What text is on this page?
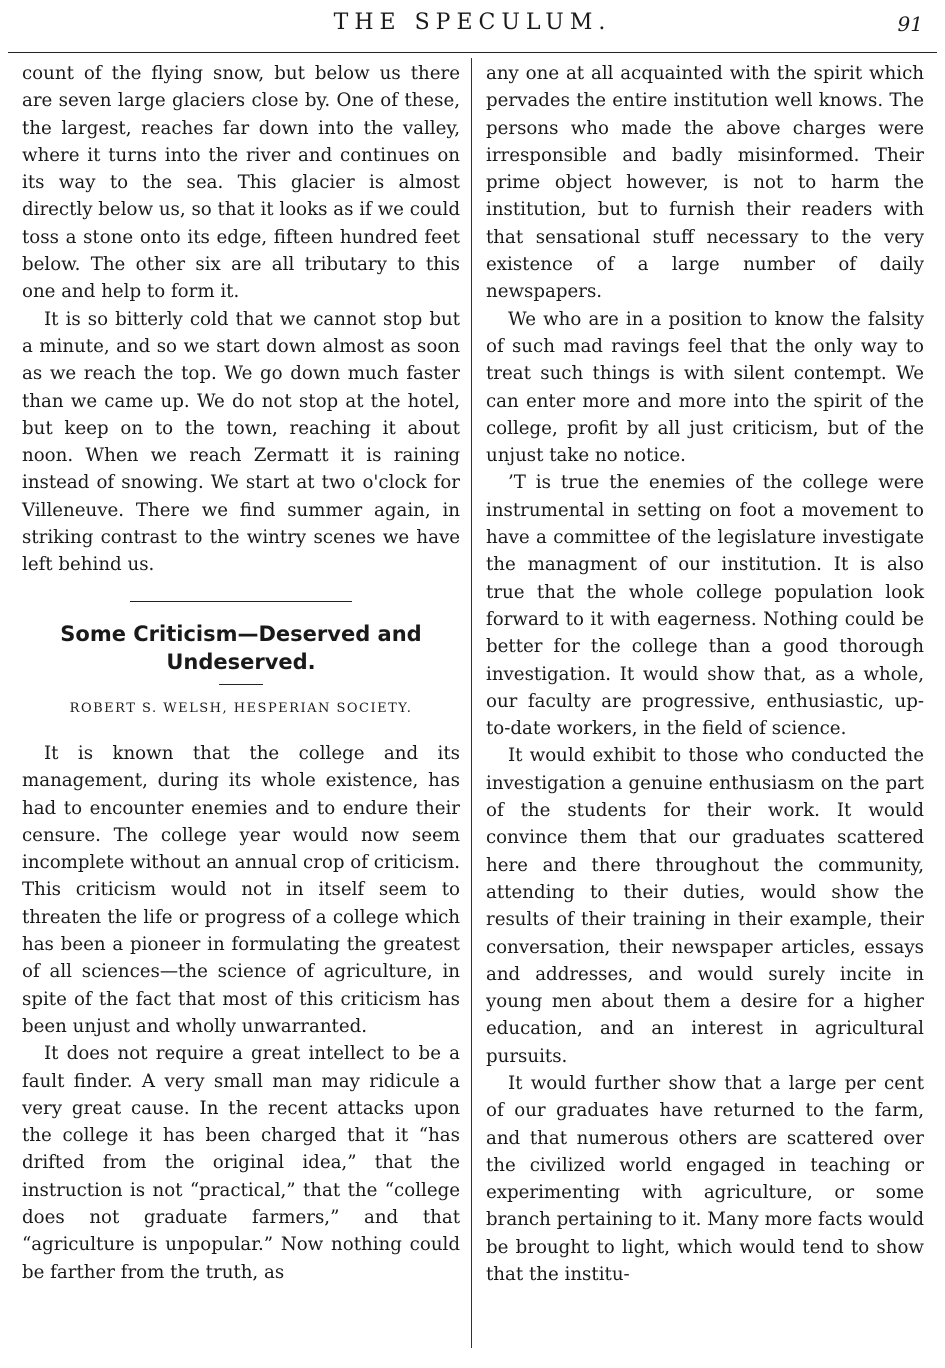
THE SPECULUM.	91

count of the flying snow, but below us there are seven large glaciers close by. One of these, the largest, reaches far down into the valley, where it turns into the river and continues on its way to the sea. This glacier is almost directly below us, so that it looks as if we could toss a stone onto its edge, fifteen hundred feet below. The other six are all tributary to this one and help to form it.

It is so bitterly cold that we cannot stop but a minute, and so we start down almost as soon as we reach the top. We go down much faster than we came up. We do not stop at the hotel, but keep on to the town, reaching it about noon. When we reach Zermatt it is raining instead of snowing. We start at two o'clock for Villeneuve. There we find summer again, in striking contrast to the wintry scenes we have left behind us.

Some Criticism—Deserved and Undeserved.
ROBERT S. WELSH, HESPERIAN SOCIETY.

It is known that the college and its management, during its whole existence, has had to encounter enemies and to endure their censure. The college year would now seem incomplete without an annual crop of criticism. This criticism would not in itself seem to threaten the life or progress of a college which has been a pioneer in formulating the greatest of all sciences—the science of agriculture, in spite of the fact that most of this criticism has been unjust and wholly unwarranted.

It does not require a great intellect to be a fault finder. A very small man may ridicule a very great cause. In the recent attacks upon the college it has been charged that it “has drifted from the original idea,” that the instruction is not “practical,” that the “college does not graduate farmers,” and that “agriculture is unpopular.” Now nothing could be farther from the truth, as

any one at all acquainted with the spirit which pervades the entire institution well knows. The persons who made the above charges were irresponsible and badly misinformed. Their prime object however, is not to harm the institution, but to furnish their readers with that sensational stuff necessary to the very existence of a large number of daily newspapers.

We who are in a position to know the falsity of such mad ravings feel that the only way to treat such things is with silent contempt. We can enter more and more into the spirit of the college, profit by all just criticism, but of the unjust take no notice.

’T is true the enemies of the college were instrumental in setting on foot a movement to have a committee of the legislature investigate the managment of our institution. It is also true that the whole college population look forward to it with eagerness. Nothing could be better for the college than a good thorough investigation. It would show that, as a whole, our faculty are progressive, enthusiastic, up-to-date workers, in the field of science.

It would exhibit to those who conducted the investigation a genuine enthusiasm on the part of the students for their work. It would convince them that our graduates scattered here and there throughout the community, attending to their duties, would show the results of their training in their example, their conversation, their newspaper articles, essays and addresses, and would surely incite in young men about them a desire for a higher education, and an interest in agricultural pursuits.

It would further show that a large per cent of our graduates have returned to the farm, and that numerous others are scattered over the civilized world engaged in teaching or experimenting with agriculture, or some branch pertaining to it. Many more facts would be brought to light, which would tend to show that the institu-
